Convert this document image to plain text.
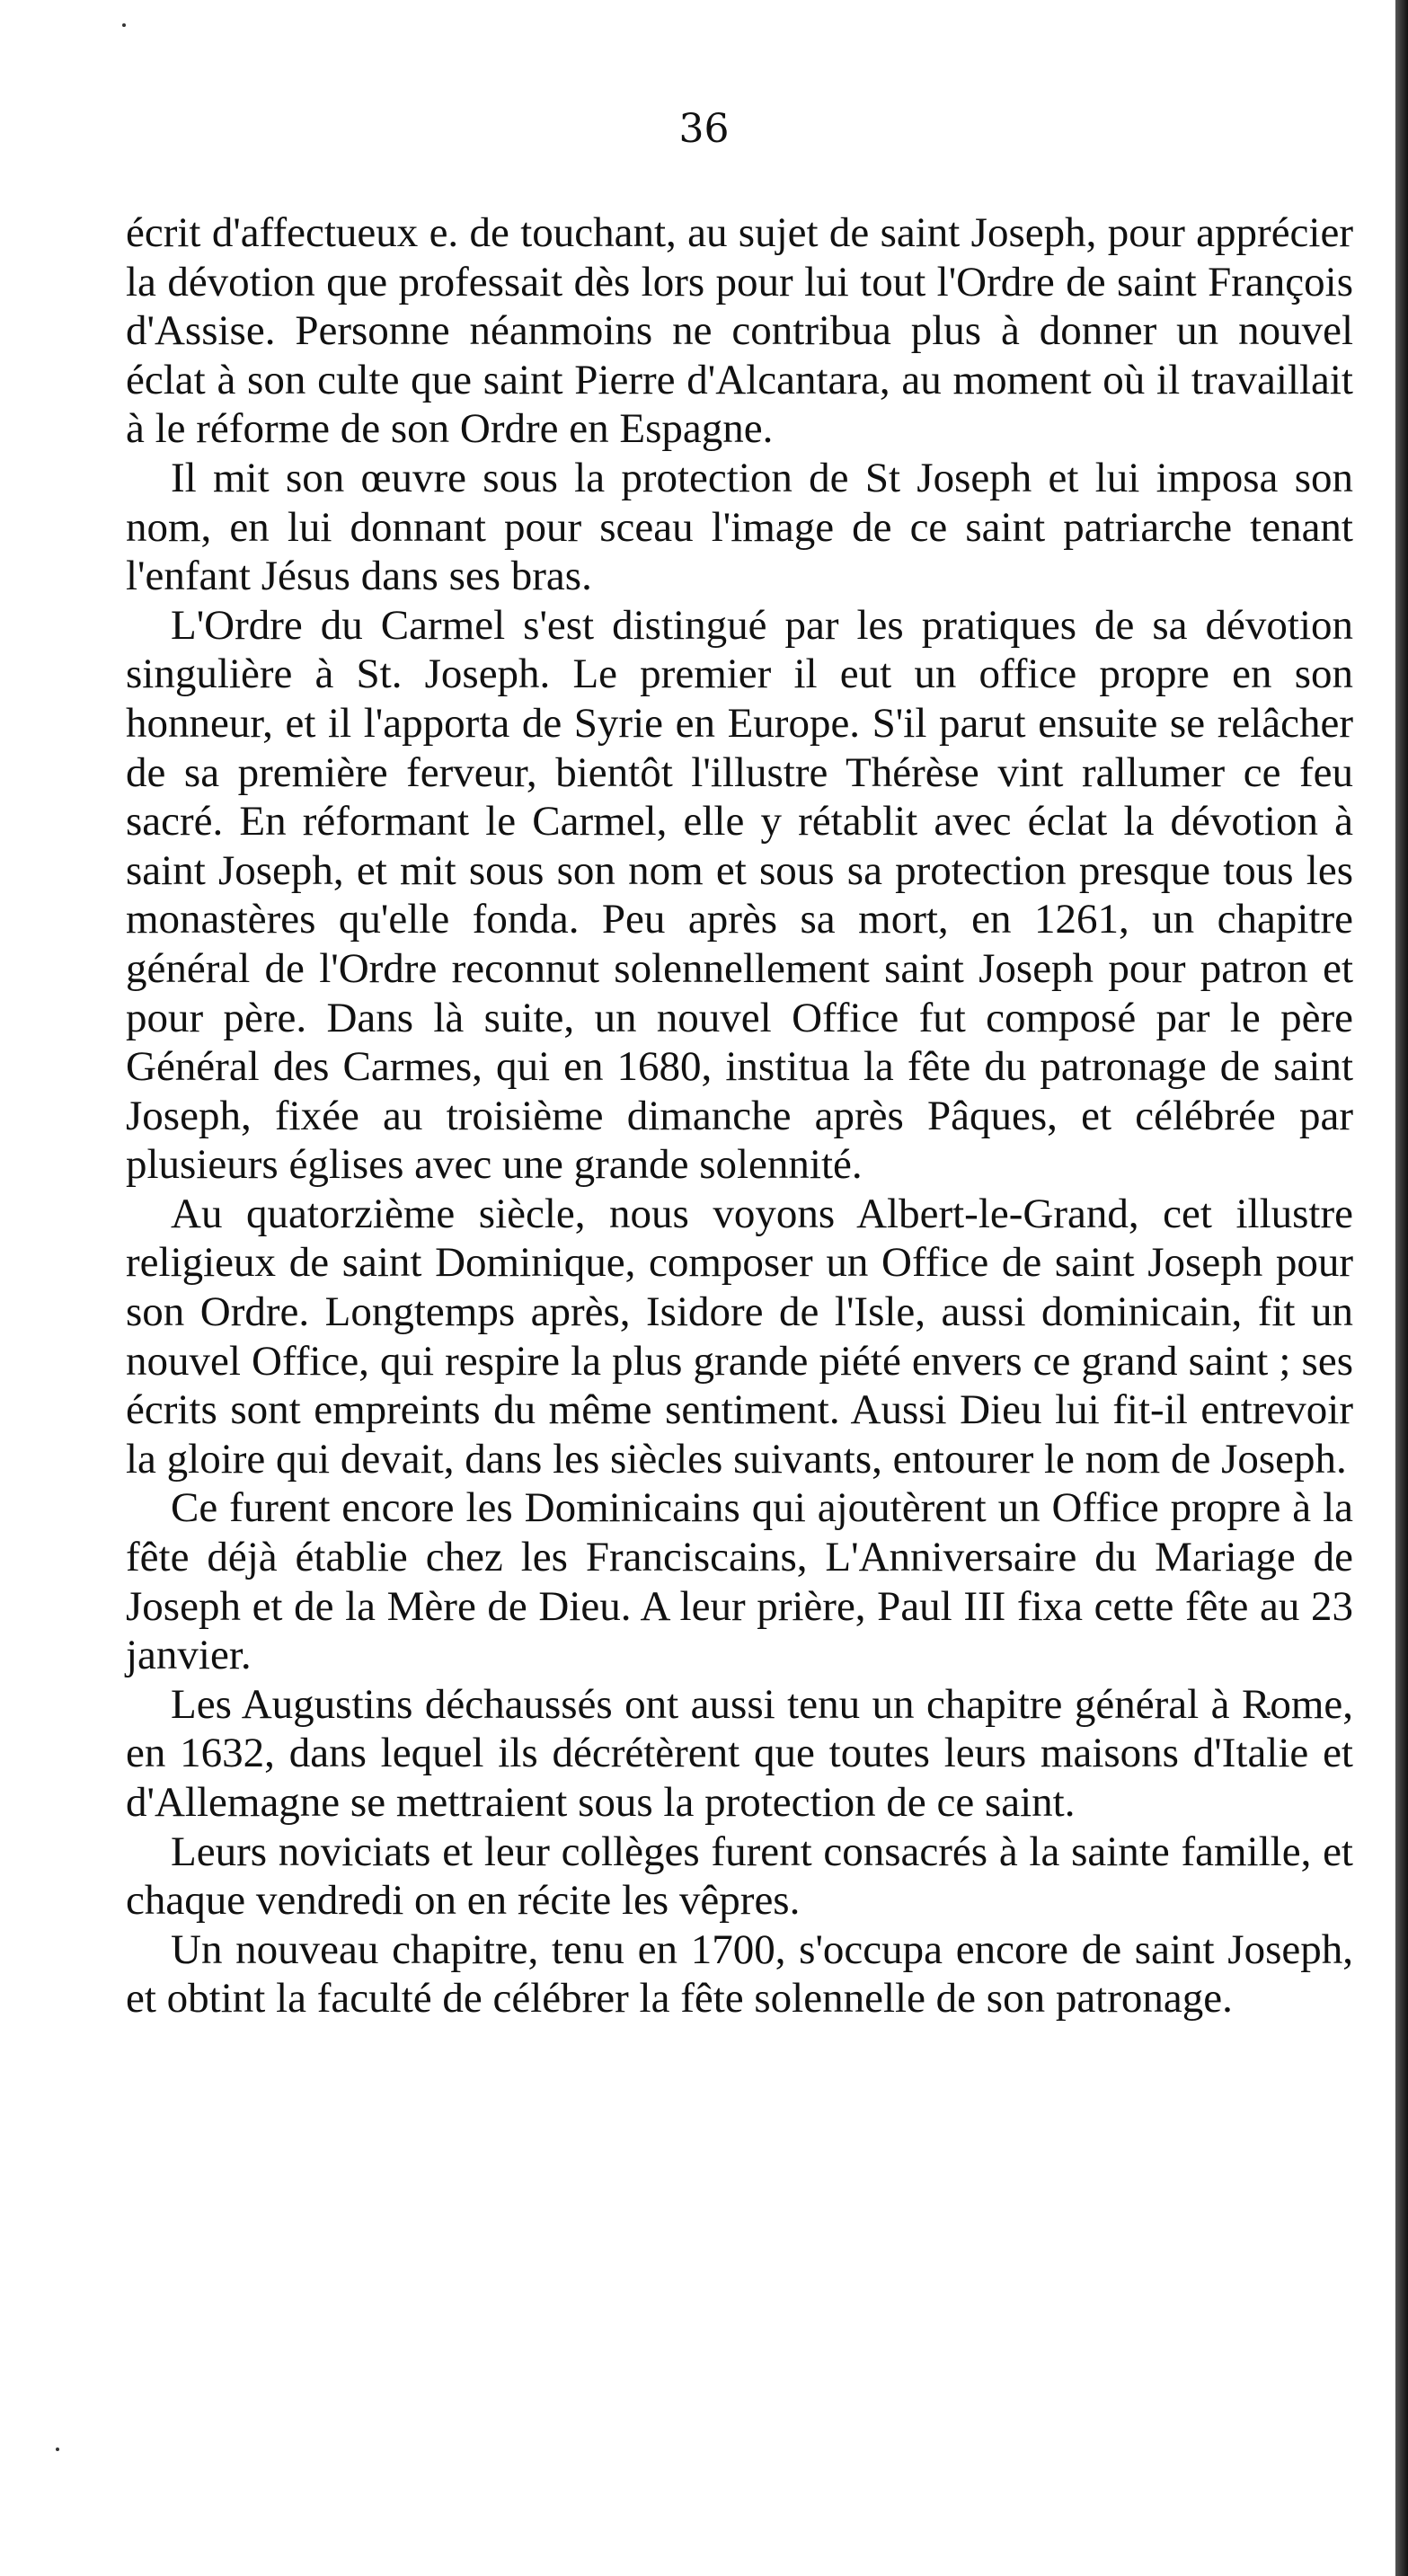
36

écrit d'affectueux e. de touchant, au sujet de saint Joseph, pour apprécier la dévotion que professait dès lors pour lui tout l'Ordre de saint François d'Assise. Personne néanmoins ne contribua plus à donner un nouvel éclat à son culte que saint Pierre d'Alcantara, au moment où il travaillait à le réforme de son Ordre en Espagne.

Il mit son œuvre sous la protection de St Joseph et lui imposa son nom, en lui donnant pour sceau l'image de ce saint patriarche tenant l'enfant Jésus dans ses bras.

L'Ordre du Carmel s'est distingué par les pratiques de sa dévotion singulière à St. Joseph. Le premier il eut un office propre en son honneur, et il l'apporta de Syrie en Europe. S'il parut ensuite se relâcher de sa première ferveur, bientôt l'illustre Thérèse vint rallumer ce feu sacré. En réformant le Carmel, elle y rétablit avec éclat la dévotion à saint Joseph, et mit sous son nom et sous sa protection presque tous les monastères qu'elle fonda. Peu après sa mort, en 1261, un chapitre général de l'Ordre reconnut solennellement saint Joseph pour patron et pour père. Dans là suite, un nouvel Office fut composé par le père Général des Carmes, qui en 1680, institua la fête du patronage de saint Joseph, fixée au troisième dimanche après Pâques, et célébrée par plusieurs églises avec une grande solennité.

Au quatorzième siècle, nous voyons Albert-le-Grand, cet illustre religieux de saint Dominique, composer un Office de saint Joseph pour son Ordre. Longtemps après, Isidore de l'Isle, aussi dominicain, fit un nouvel Office, qui respire la plus grande piété envers ce grand saint ; ses écrits sont empreints du même sentiment. Aussi Dieu lui fit-il entrevoir la gloire qui devait, dans les siècles suivants, entourer le nom de Joseph.

Ce furent encore les Dominicains qui ajoutèrent un Office propre à la fête déjà établie chez les Franciscains, L'Anniversaire du Mariage de Joseph et de la Mère de Dieu. A leur prière, Paul III fixa cette fête au 23 janvier.

Les Augustins déchaussés ont aussi tenu un chapitre général à Rome, en 1632, dans lequel ils décrétèrent que toutes leurs maisons d'Italie et d'Allemagne se mettraient sous la protection de ce saint.

Leurs noviciats et leur collèges furent consacrés à la sainte famille, et chaque vendredi on en récite les vêpres.

Un nouveau chapitre, tenu en 1700, s'occupa encore de saint Joseph, et obtint la faculté de célébrer la fête solennelle de son patronage.
